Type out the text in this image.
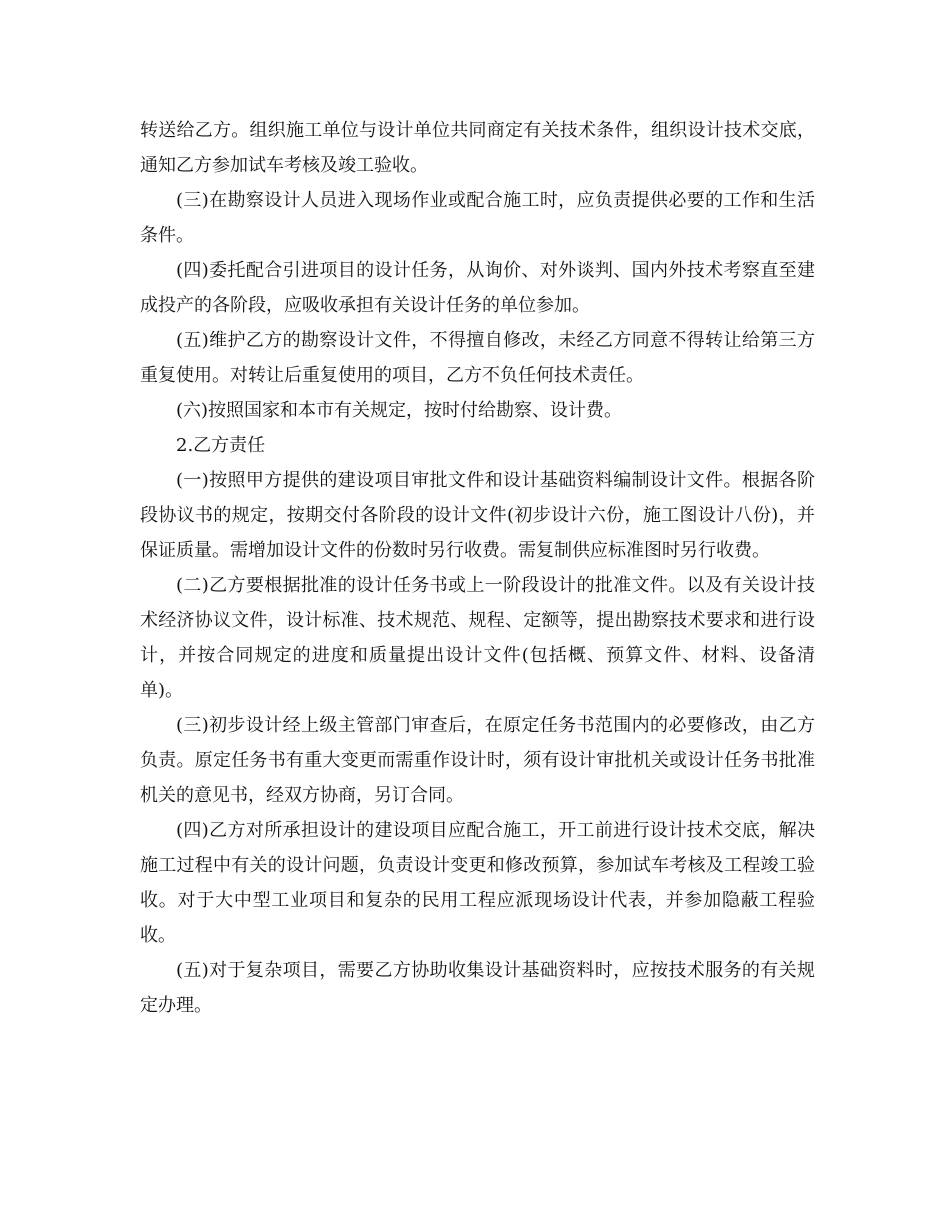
转送给乙方。组织施工单位与设计单位共同商定有关技术条件，组织设计技术交底，通知乙方参加试车考核及竣工验收。

(三)在勘察设计人员进入现场作业或配合施工时，应负责提供必要的工作和生活条件。

(四)委托配合引进项目的设计任务，从询价、对外谈判、国内外技术考察直至建成投产的各阶段，应吸收承担有关设计任务的单位参加。

(五)维护乙方的勘察设计文件，不得擅自修改，未经乙方同意不得转让给第三方重复使用。对转让后重复使用的项目，乙方不负任何技术责任。

(六)按照国家和本市有关规定，按时付给勘察、设计费。

2.乙方责任

(一)按照甲方提供的建设项目审批文件和设计基础资料编制设计文件。根据各阶段协议书的规定，按期交付各阶段的设计文件(初步设计六份，施工图设计八份)，并保证质量。需增加设计文件的份数时另行收费。需复制供应标准图时另行收费。

(二)乙方要根据批准的设计任务书或上一阶段设计的批准文件。以及有关设计技术经济协议文件，设计标准、技术规范、规程、定额等，提出勘察技术要求和进行设计，并按合同规定的进度和质量提出设计文件(包括概、预算文件、材料、设备清单)。

(三)初步设计经上级主管部门审查后，在原定任务书范围内的必要修改，由乙方负责。原定任务书有重大变更而需重作设计时，须有设计审批机关或设计任务书批准机关的意见书，经双方协商，另订合同。

(四)乙方对所承担设计的建设项目应配合施工，开工前进行设计技术交底，解决施工过程中有关的设计问题，负责设计变更和修改预算，参加试车考核及工程竣工验收。对于大中型工业项目和复杂的民用工程应派现场设计代表，并参加隐蔽工程验收。

(五)对于复杂项目，需要乙方协助收集设计基础资料时，应按技术服务的有关规定办理。
